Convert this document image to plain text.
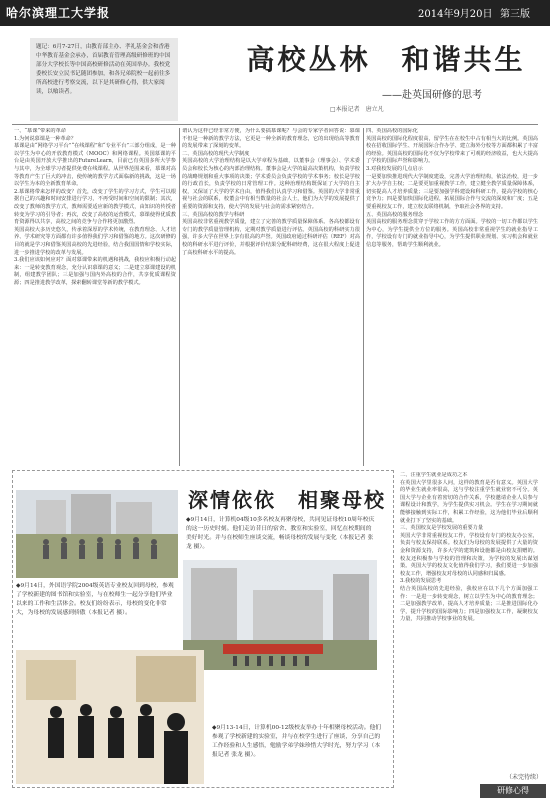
哈尔滨理工大学报	2014年9月20日 第三版
题记：6月7-27日，由教育部主办、孝礼基金会和香港中华教育基金会承办，首届教育管理高级研修班的中国部分大学校长等中国高校研修活动在英国举办。我校党委校长安立民书记随团参加，和各兄弟院校一起前往多所高校进行考察交流，以下是其研修心得，供大家阅读，以飨读者。
高校丛林　和谐共生
——赴英国研修的思考
□本报记者　唐立凡
一、“慕课”带来的革命
1.为何说慕课是一种革命？
慕课是由“网络学习平台”“在线课程”和“专业平台”三部分组成，是一种以学生为中心的开放教育模式（MOOC）和网络课程。英国慕课的平台是由英国开放大学推出的FutureLearn，目前已有英国多所大学参与其中，为全球学习者提供免费在线课程。从世界范围来看，慕课对高等教育产生了巨大的冲击，使传统的教学方式面临新的挑战，这是一场以学生为本的全新教育革命。
2.慕课将带来怎样的改变？首先，改变了学生的学习方式，学生可以根据自己的兴趣和时间安排进行学习，不再受时间和空间的限制；其次，改变了教师的教学方式，教师需要适应新的教学模式，由知识的传授者转变为学习的引导者；再次，改变了高校的运营模式，慕课使得优质教育资源得以共享，高校之间的竞争与合作将更加激烈。
英国高校大多历史悠久，传承着深厚的学术传统，在教育理念、人才培养、学术研究等方面都有许多值得我们学习和借鉴的地方。这次研修的目的就是学习和借鉴英国高校的先进经验，结合我国国情和学校实际，进一步推进学校的改革与发展。
3.我们应该如何应对？面对慕课带来的机遇和挑战，我校应积极行动起来：一是转变教育观念，充分认识慕课的意义；二是建立慕课建设的机制，组建教学团队；三是加强与国内外高校的合作，共享优质课程资源；四是推进教学改革，探索翻转课堂等新的教学模式。
谓认为这样已经非常方便，为什么要搞慕课呢？与会的专家学者回答说：慕课不但是一种新的教学方法，它更是一种全新的教育理念，它的出现给高等教育的发展带来了深刻的变革。
二、英国高校的现代大学制度
英国高校的大学治理结构是以大学章程为基础，以董事会（理事会）、学术委员会和校长为核心的内部治理结构。董事会是大学的最高决策机构，负责学校的战略规划和重大事项的决策；学术委员会负责学校的学术事务；校长是学校的行政首长，负责学校的日常管理工作。这种治理结构既保证了大学的自主权，又保证了大学的学术自由，值得我们认真学习和借鉴。英国的大学非常重视与社会的联系，校董会中有相当数量的社会人士，他们为大学的发展提供了重要的资源和支持，使大学的发展与社会的需求紧密结合。
三、英国高校的教学与科研
英国高校非常重视教学质量，建立了完善的教学质量保障体系。各高校都设有专门的教学质量管理机构，定期对教学质量进行评估。英国高校的科研实力很强，许多大学在世界上享有很高的声誉。英国政府通过科研评估（REF）对高校的科研水平进行评价，并根据评价结果分配科研经费，这在很大程度上促进了高校科研水平的提高。
四、英国高校的国际化
英国高校的国际化程度很高，留学生在在校生中占有相当大的比例。英国高校在招收国际学生、开展国际合作办学、建立海外分校等方面都积累了丰富的经验。英国高校的国际化不仅为学校带来了可观的经济收益，也大大提高了学校的国际声誉和影响力。
3.对我校发展的几点启示
一是要加快推进现代大学制度建设，完善大学治理结构，依法治校，进一步扩大办学自主权；二是要更加重视教学工作，建立健全教学质量保障体系，切实提高人才培养质量；三是要加强学科建设和科研工作，提高学校的核心竞争力；四是要加快国际化进程，拓展国际合作与交流的深度和广度；五是要重视校友工作，建立校友联络机制，争取社会各界的支持。
五、英国高校的服务理念
英国高校的服务理念贯穿于学校工作的方方面面。学校的一切工作都以学生为中心，为学生提供全方位的服务。英国高校非常重视学生的就业指导工作，学校设有专门的就业指导中心，为学生提供职业规划、实习机会和就业信息等服务，帮助学生顺利就业。
深情依依　相聚母校
◆9月14日，计算机04级10多名校友再聚母校，共同见证母校10周年校庆的这一历史时刻。他们走访昔日的宿舍、教室和实验室，回忆在校期间的美好时光。并与在校师生座谈交流，畅谈母校的发展与变化（本报记者 张龙 摄）。
◆9月14日，外国语学院2004级英语专业校友回到母校，参观了学校新建的图书馆和实验室，与在校师生一起分享他们毕业以来的工作和生活体会。校友们纷纷表示，母校的变化非常大，为母校的发展感到骄傲（本报记者 摄）。
◆9月13-14日，计算机00-12级校友举办十年相聚母校活动。他们参观了学校新建的实验室，并与在校学生进行了座谈，分享自己的工作经验和人生感悟，勉励学弟学妹珍惜大学时光，努力学习（本报记者 张龙 摄）。
二、注重学生就业是成功之本
在英国大学里很多人问，这样的教育是否有意义。英国大学的毕业生就业率很高，这与学校注重学生就业密不可分。英国大学与企业有着密切的合作关系，学校邀请企业人员参与课程设计和教学，为学生提供实习机会。学生在学习期间就能够接触到实际工作，积累工作经验，这为他们毕业后顺利就业打下了坚实的基础。
三、英国校友是学校发展的重要力量
英国大学非常重视校友工作，学校设有专门的校友办公室，负责与校友保持联系。校友们为母校的发展提供了大量的资金和资源支持，许多大学的建筑和设施都是由校友捐赠的。校友还积极参与学校的管理和决策，为学校的发展出谋划策。英国大学的校友文化值得我们学习，我们要进一步加强校友工作，增强校友对母校的认同感和归属感。
3.我校的发展思考
结合英国高校的先进经验，我校应在以下几个方面加强工作：一是进一步转变观念，树立以学生为中心的教育理念；二是加强教学改革，提高人才培养质量；三是推进国际化办学，提升学校的国际影响力；四是加强校友工作，凝聚校友力量，共同推动学校事业的发展。
（未完待续）
研修心得
